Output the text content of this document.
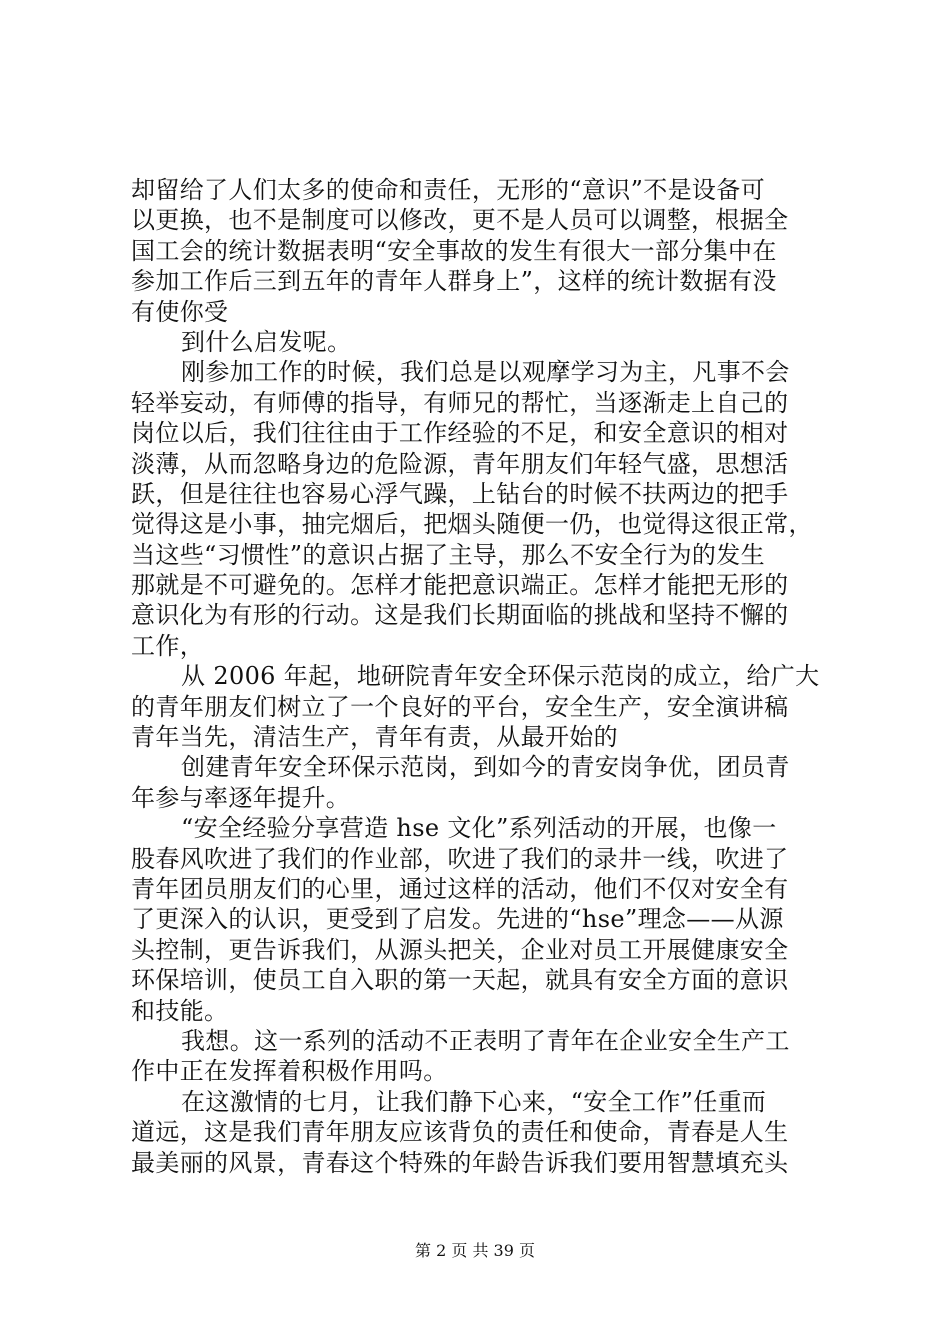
却留给了人们太多的使命和责任，无形的“意识”不是设备可
以更换，也不是制度可以修改，更不是人员可以调整，根据全
国工会的统计数据表明“安全事故的发生有很大一部分集中在
参加工作后三到五年的青年人群身上”，这样的统计数据有没
有使你受
到什么启发呢。
刚参加工作的时候，我们总是以观摩学习为主，凡事不会
轻举妄动，有师傅的指导，有师兄的帮忙，当逐渐走上自己的
岗位以后，我们往往由于工作经验的不足，和安全意识的相对
淡薄，从而忽略身边的危险源，青年朋友们年轻气盛，思想活
跃，但是往往也容易心浮气躁，上钻台的时候不扶两边的把手
觉得这是小事，抽完烟后，把烟头随便一仍，也觉得这很正常，
当这些“习惯性”的意识占据了主导，那么不安全行为的发生
那就是不可避免的。怎样才能把意识端正。怎样才能把无形的
意识化为有形的行动。这是我们长期面临的挑战和坚持不懈的
工作，
从 2006 年起，地研院青年安全环保示范岗的成立，给广大
的青年朋友们树立了一个良好的平台，安全生产，安全演讲稿
青年当先，清洁生产，青年有责，从最开始的
创建青年安全环保示范岗，到如今的青安岗争优，团员青
年参与率逐年提升。
“安全经验分享营造 hse 文化”系列活动的开展，也像一
股春风吹进了我们的作业部，吹进了我们的录井一线，吹进了
青年团员朋友们的心里，通过这样的活动，他们不仅对安全有
了更深入的认识，更受到了启发。先进的“hse”理念——从源
头控制，更告诉我们，从源头把关，企业对员工开展健康安全
环保培训，使员工自入职的第一天起，就具有安全方面的意识
和技能。
我想。这一系列的活动不正表明了青年在企业安全生产工
作中正在发挥着积极作用吗。
在这激情的七月，让我们静下心来，“安全工作”任重而
道远，这是我们青年朋友应该背负的责任和使命，青春是人生
最美丽的风景，青春这个特殊的年龄告诉我们要用智慧填充头
第 2 页 共 39 页
